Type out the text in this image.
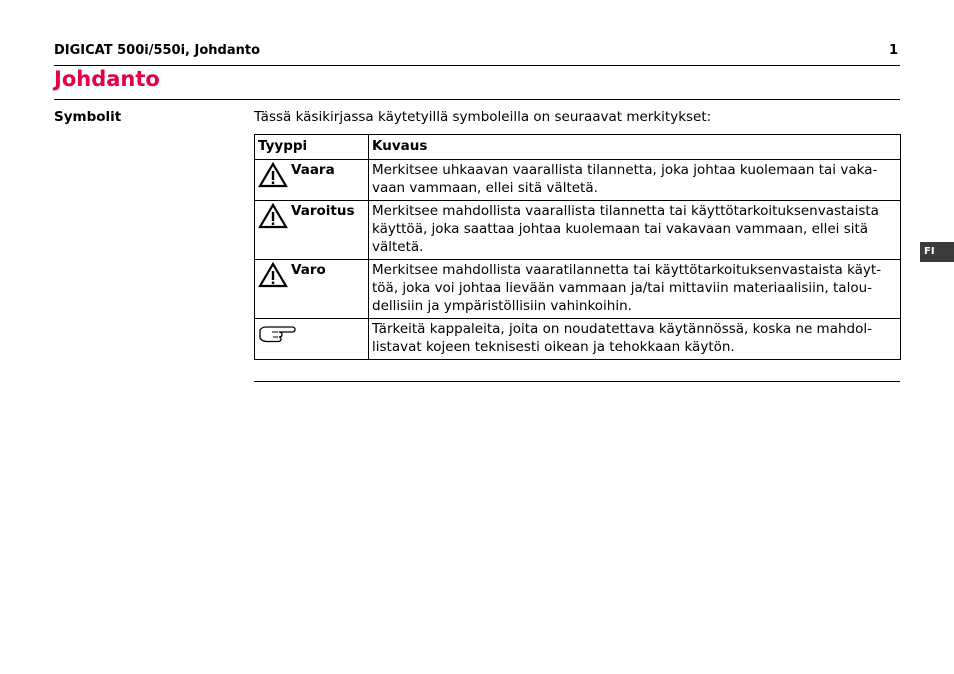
DIGICAT 500i/550i, Johdanto	1
Johdanto
Symbolit	Tässä käsikirjassa käytetyillä symboleilla on seuraavat merkitykset:
Tyyppi	Kuvaus
Vaara	Merkitsee uhkaavan vaarallista tilannetta, joka johtaa kuolemaan tai vaka-
vaan vammaan, ellei sitä vältetä.
Varoitus	Merkitsee mahdollista vaarallista tilannetta tai käyttötarkoituksenvastaista
käyttöä, joka saattaa johtaa kuolemaan tai vakavaan vammaan, ellei sitä
vältetä.
Varo	Merkitsee mahdollista vaaratilannetta tai käyttötarkoituksenvastaista käyt-
töä, joka voi johtaa lievään vammaan ja/tai mittaviin materiaalisiin, talou-
dellisiin ja ympäristöllisiin vahinkoihin.
	Tärkeitä kappaleita, joita on noudatettava käytännössä, koska ne mahdol-
listavat kojeen teknisesti oikean ja tehokkaan käytön.
FI
